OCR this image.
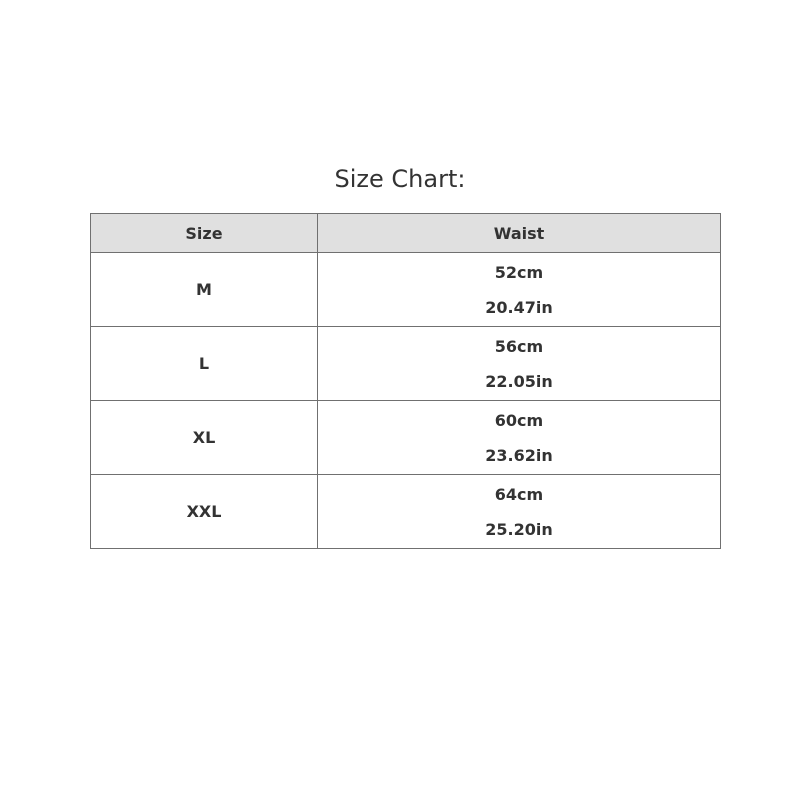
Size Chart:
Size	Waist
M	52cm
20.47in

L	56cm
22.05in

XL	60cm
23.62in

XXL	64cm
25.20in
